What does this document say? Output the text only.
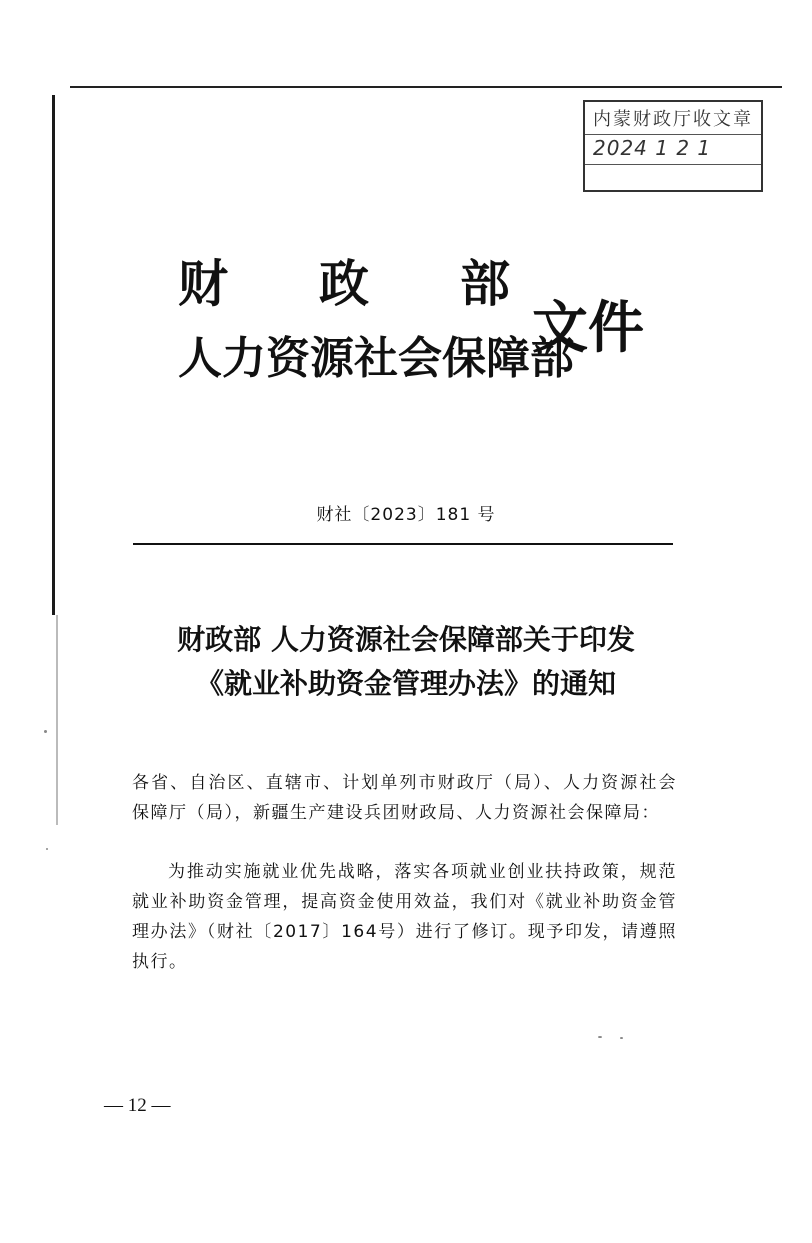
内蒙财政厅收文章
2024 1 2 1
财 政 部
人力资源社会保障部
文件
财社〔2023〕181 号
财政部 人力资源社会保障部关于印发
《就业补助资金管理办法》的通知

各省、自治区、直辖市、计划单列市财政厅（局）、人力资源社会保障厅（局），新疆生产建设兵团财政局、人力资源社会保障局：

为推动实施就业优先战略，落实各项就业创业扶持政策，规范就业补助资金管理，提高资金使用效益，我们对《就业补助资金管理办法》（财社〔2017〕164号）进行了修订。现予印发，请遵照执行。

— 12 —
